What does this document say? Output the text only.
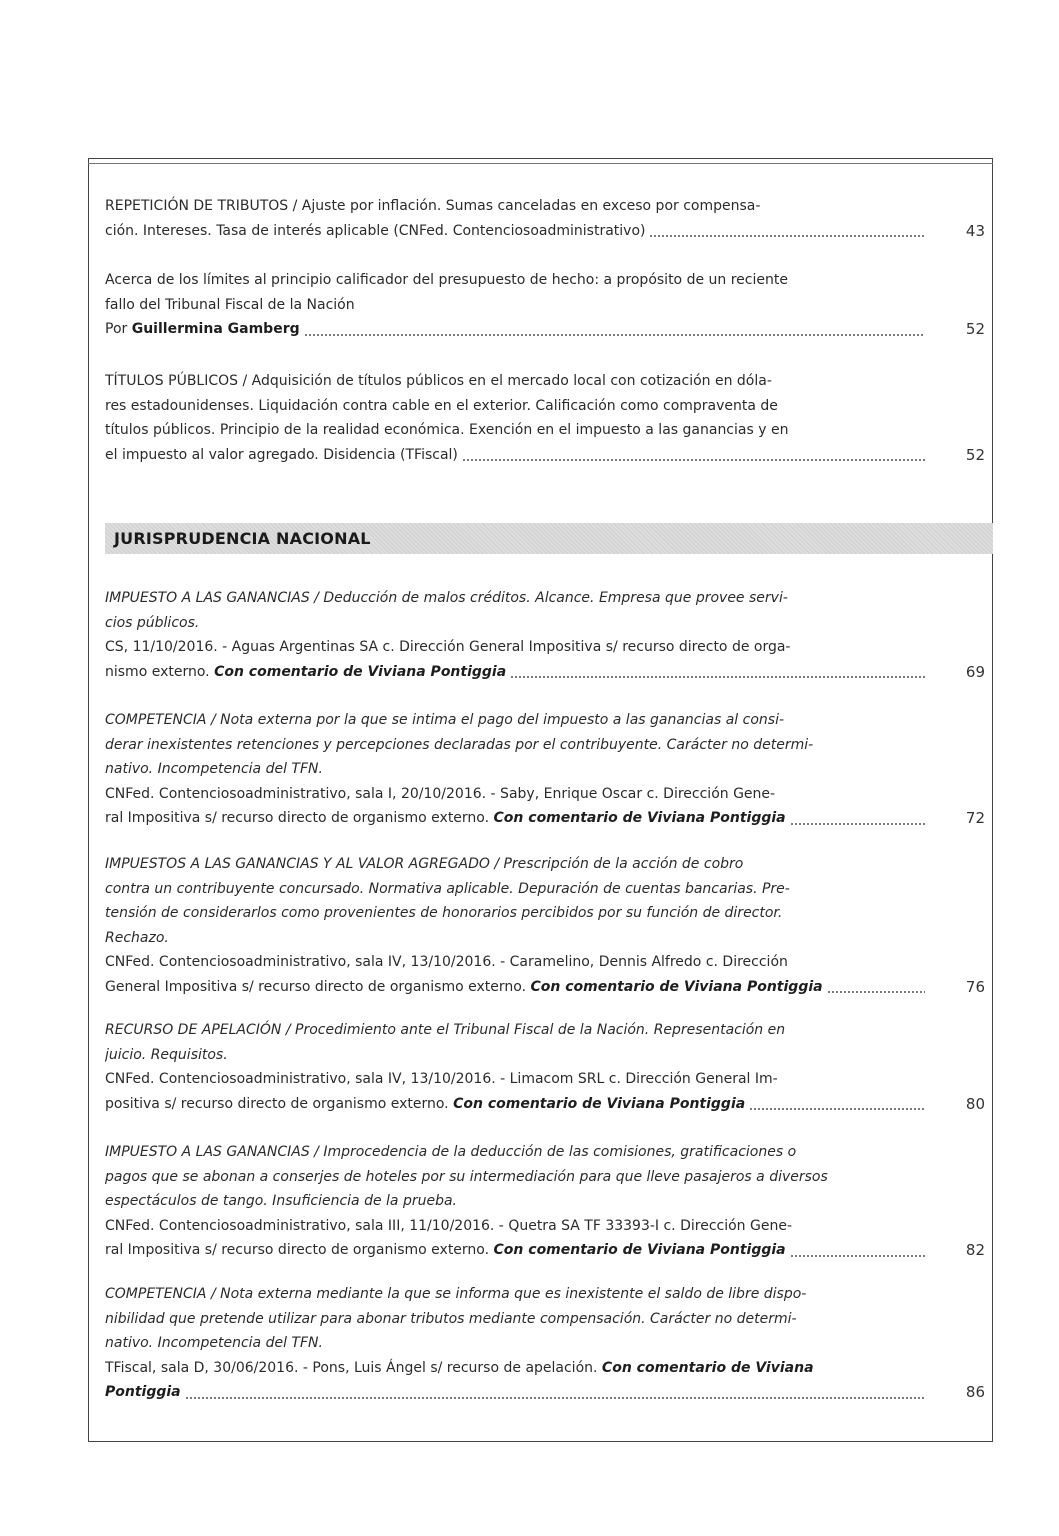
JURISPRUDENCIA NACIONAL
REPETICIÓN DE TRIBUTOS / Ajuste por inflación. Sumas canceladas en exceso por compensa-
ción. Intereses. Tasa de interés aplicable (CNFed. Contenciosoadministrativo)	43
Acerca de los límites al principio calificador del presupuesto de hecho: a propósito de un reciente
fallo del Tribunal Fiscal de la Nación
Por Guillermina Gamberg	52
TÍTULOS PÚBLICOS / Adquisición de títulos públicos en el mercado local con cotización en dóla-
res estadounidenses. Liquidación contra cable en el exterior. Calificación como compraventa de
títulos públicos. Principio de la realidad económica. Exención en el impuesto a las ganancias y en
el impuesto al valor agregado. Disidencia (TFiscal)	52
IMPUESTO A LAS GANANCIAS / Deducción de malos créditos. Alcance. Empresa que provee servi-
cios públicos.
CS, 11/10/2016. - Aguas Argentinas SA c. Dirección General Impositiva s/ recurso directo de orga-
nismo externo. Con comentario de Viviana Pontiggia	69
COMPETENCIA / Nota externa por la que se intima el pago del impuesto a las ganancias al consi-
derar inexistentes retenciones y percepciones declaradas por el contribuyente. Carácter no determi-
nativo. Incompetencia del TFN.
CNFed. Contenciosoadministrativo, sala I, 20/10/2016. - Saby, Enrique Oscar c. Dirección Gene-
ral Impositiva s/ recurso directo de organismo externo. Con comentario de Viviana Pontiggia	72
IMPUESTOS A LAS GANANCIAS Y AL VALOR AGREGADO / Prescripción de la acción de cobro
contra un contribuyente concursado. Normativa aplicable. Depuración de cuentas bancarias. Pre-
tensión de considerarlos como provenientes de honorarios percibidos por su función de director.
Rechazo.
CNFed. Contenciosoadministrativo, sala IV, 13/10/2016. - Caramelino, Dennis Alfredo c. Dirección
General Impositiva s/ recurso directo de organismo externo. Con comentario de Viviana Pontiggia	76
RECURSO DE APELACIÓN / Procedimiento ante el Tribunal Fiscal de la Nación. Representación en
juicio. Requisitos.
CNFed. Contenciosoadministrativo, sala IV, 13/10/2016. - Limacom SRL c. Dirección General Im-
positiva s/ recurso directo de organismo externo. Con comentario de Viviana Pontiggia	80
IMPUESTO A LAS GANANCIAS / Improcedencia de la deducción de las comisiones, gratificaciones o
pagos que se abonan a conserjes de hoteles por su intermediación para que lleve pasajeros a diversos
espectáculos de tango. Insuficiencia de la prueba.
CNFed. Contenciosoadministrativo, sala III, 11/10/2016. - Quetra SA TF 33393-I c. Dirección Gene-
ral Impositiva s/ recurso directo de organismo externo. Con comentario de Viviana Pontiggia	82
COMPETENCIA / Nota externa mediante la que se informa que es inexistente el saldo de libre dispo-
nibilidad que pretende utilizar para abonar tributos mediante compensación. Carácter no determi-
nativo. Incompetencia del TFN.
TFiscal, sala D, 30/06/2016. - Pons, Luis Ángel s/ recurso de apelación. Con comentario de Viviana
Pontiggia	86
